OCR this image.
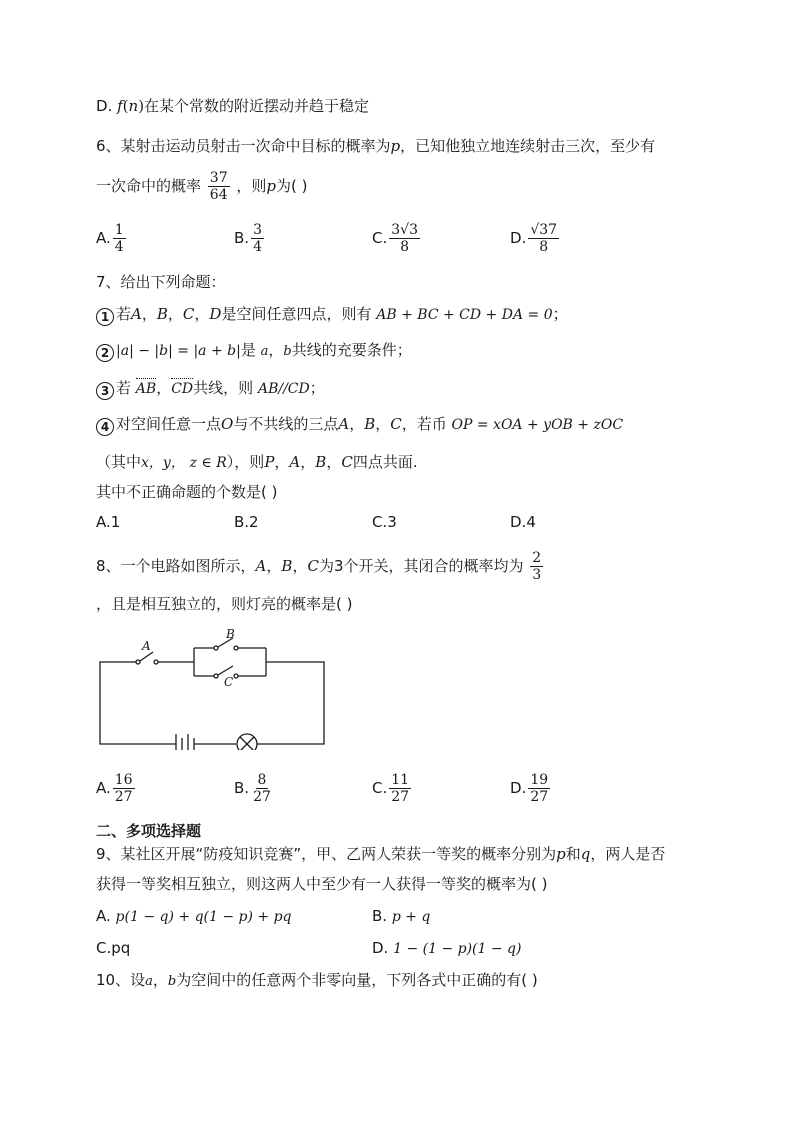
D. f(n)在某个常数的附近摆动并趋于稳定
6、某射击运动员射击一次命中目标的概率为p，已知他独立地连续射击三次，至少有
一次命中的概率 $\frac{37}{64}$ ，则p为( )
A. $\frac{1}{4}$	B. $\frac{3}{4}$	C. $\frac{3√3}{8}$	D. $\frac{√37}{8}$
7、给出下列命题：
1 若A，B，C，D是空间任意四点，则有 AB + BC + CD + DA = 0；
2 |a| − |b| = |a + b|是 a，b共线的充要条件；
3 若 AB，CD共线，则 AB//CD；
4 对空间任意一点O与不共线的三点A，B，C，若币 OP = xOA + yOB + zOC
（其中x，y， z ∈ R），则P，A，B，C四点共面.
其中不正确命题的个数是( )
A.1	B.2	C.3	D.4
8、一个电路如图所示，A，B，C为3个开关，其闭合的概率均为 $\frac{2}{3}$
，且是相互独立的，则灯亮的概率是( )
A
B
C
A. $\frac{16}{27}$	B. $\frac{8}{27}$	C. $\frac{11}{27}$	D. $\frac{19}{27}$
二、多项选择题
9、某社区开展“防疫知识竞赛”，甲、乙两人荣获一等奖的概率分别为p和q，两人是否
获得一等奖相互独立，则这两人中至少有一人获得一等奖的概率为( )
A. p(1 − q) + q(1 − p) + pq	B. p + q
C.pq	D. 1 − (1 − p)(1 − q)
10、设a，b为空间中的任意两个非零向量，下列各式中正确的有( )
